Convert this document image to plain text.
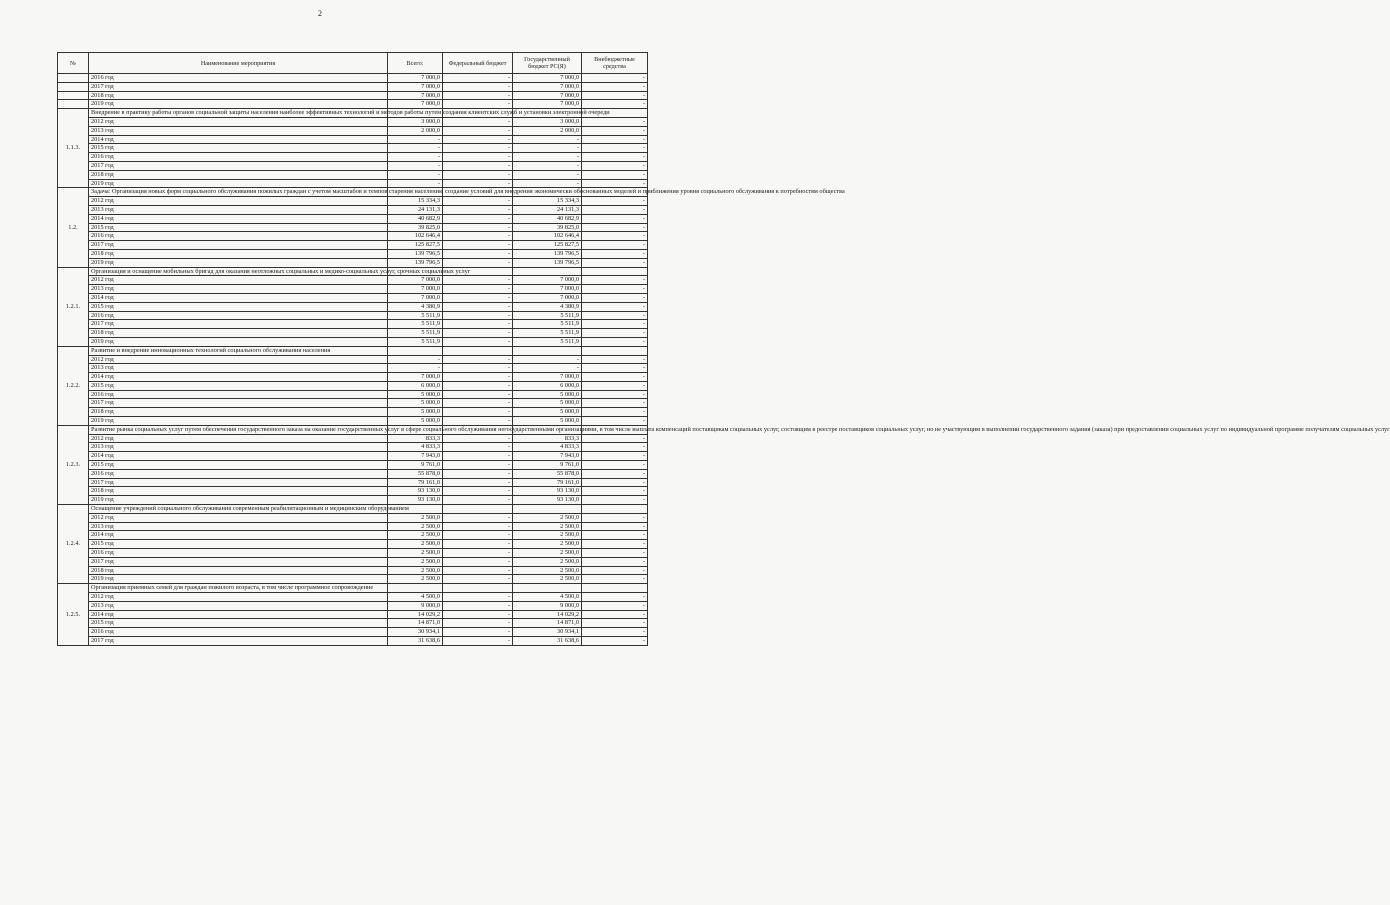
2
№	Наименование мероприятия	Всего:	Федеральный бюджет	Государственный бюджет РС(Я)	Внебюджетные средства
	2016 год	7 000,0	-	7 000,0	-
	2017 год	7 000,0	-	7 000,0	-
	2018 год	7 000,0	-	7 000,0	-
	2019 год	7 000,0	-	7 000,0	-
1.1.3.	Внедрение в практику работы органов социальной защиты населения наиболее эффективных технологий и методов работы путем создания клиентских служб и установки электронной очереди				
	2012 год	3 000,0	-	3 000,0	-
	2013 год	2 000,0	-	2 000,0	-
	2014 год	-	-	-	-
	2015 год	-	-	-	-
	2016 год	-	-	-	-
	2017 год	-	-	-	-
	2018 год	-	-	-	-
	2019 год	-	-	-	-
1.2.	Задача: Организация новых форм социального обслуживания пожилых граждан с учетом масштабов и темпов старения населения, создание условий для внедрения экономически обоснованных моделей и приближения уровня социального обслуживания к потребностям общества				
	2012 год	15 334,3	-	15 334,3	-
	2013 год	24 131,3	-	24 131,3	-
	2014 год	40 682,9	-	40 682,9	-
	2015 год	39 825,0	-	39 825,0	-
	2016 год	102 646,4	-	102 646,4	-
	2017 год	125 827,5	-	125 827,5	-
	2018 год	139 796,5	-	139 796,5	-
	2019 год	139 796,5	-	139 796,5	-
1.2.1.	Организация и оснащение мобильных бригад для оказания неотложных социальных и медико-социальных услуг, срочных социальных услуг				
	2012 год	7 000,0	-	7 000,0	-
	2013 год	7 000,0	-	7 000,0	-
	2014 год	7 000,0	-	7 000,0	-
	2015 год	4 380,9	-	4 380,9	-
	2016 год	5 511,9	-	5 511,9	-
	2017 год	5 511,9	-	5 511,9	-
	2018 год	5 511,9	-	5 511,9	-
	2019 год	5 511,9	-	5 511,9	-
1.2.2.	Развитие и внедрение инновационных технологий социального обслуживания населения				
	2012 год	-	-	-	-
	2013 год	-	-	-	-
	2014 год	7 000,0	-	7 000,0	-
	2015 год	6 000,0	-	6 000,0	-
	2016 год	5 000,0	-	5 000,0	-
	2017 год	5 000,0	-	5 000,0	-
	2018 год	5 000,0	-	5 000,0	-
	2019 год	5 000,0	-	5 000,0	-
1.2.3.	Развитие рынка социальных услуг путем обеспечения государственного заказа на оказание государственных услуг в сфере социального обслуживания негосударственными организациями, в том числе выплата компенсаций поставщикам социальных услуг, состоящим в реестре поставщиков социальных услуг, но не участвующим в выполнении государственного задания (заказа) при предоставлении социальных услуг по индивидуальной программе получателям социальных услуг				
	2012 год	833,3	-	833,3	-
	2013 год	4 833,3	-	4 833,3	-
	2014 год	7 943,0	-	7 943,0	-
	2015 год	9 761,0	-	9 761,0	-
	2016 год	55 878,0	-	55 878,0	-
	2017 год	79 161,0	-	79 161,0	-
	2018 год	93 130,0	-	93 130,0	-
	2019 год	93 130,0	-	93 130,0	-
1.2.4.	Оснащение учреждений социального обслуживания современным реабилитационным и медицинским оборудованием				
	2012 год	2 500,0	-	2 500,0	-
	2013 год	2 500,0	-	2 500,0	-
	2014 год	2 500,0	-	2 500,0	-
	2015 год	2 500,0	-	2 500,0	-
	2016 год	2 500,0	-	2 500,0	-
	2017 год	2 500,0	-	2 500,0	-
	2018 год	2 500,0	-	2 500,0	-
	2019 год	2 500,0	-	2 500,0	-
1.2.5.	Организация приемных семей для граждан пожилого возраста, в том числе программное сопровождение				
	2012 год	4 500,0	-	4 500,0	-
	2013 год	9 000,0	-	9 000,0	-
	2014 год	14 029,2	-	14 029,2	-
	2015 год	14 871,0	-	14 871,0	-
	2016 год	30 934,1	-	30 934,1	-
	2017 год	31 638,6	-	31 638,6	-
